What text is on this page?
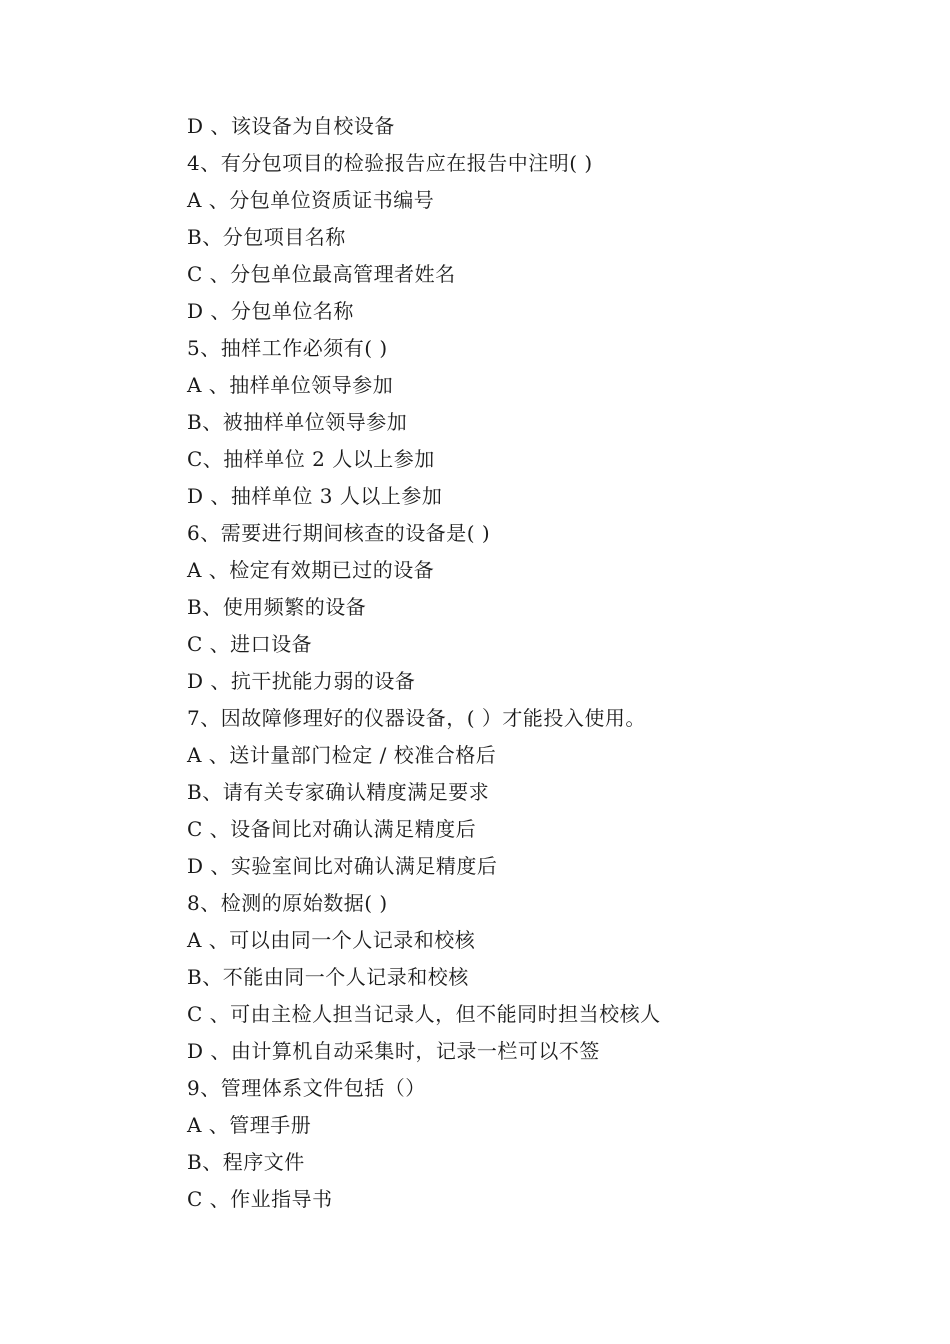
D 、该设备为自校设备
4、有分包项目的检验报告应在报告中注明( )
A 、分包单位资质证书编号
B、分包项目名称
C 、分包单位最高管理者姓名
D 、分包单位名称
5、抽样工作必须有( )
A 、抽样单位领导参加
B、被抽样单位领导参加
C、抽样单位 2 人以上参加
D 、抽样单位 3 人以上参加
6、需要进行期间核查的设备是( )
A 、检定有效期已过的设备
B、使用频繁的设备
C 、进口设备
D 、抗干扰能力弱的设备
7、因故障修理好的仪器设备，( ）才能投入使用。
A 、送计量部门检定 / 校准合格后
B、请有关专家确认精度满足要求
C 、设备间比对确认满足精度后
D 、实验室间比对确认满足精度后
8、检测的原始数据( )
A 、可以由同一个人记录和校核
B、不能由同一个人记录和校核
C 、可由主检人担当记录人，但不能同时担当校核人
D 、由计算机自动采集时，记录一栏可以不签
9、管理体系文件包括（）
A 、管理手册
B、程序文件
C 、作业指导书
